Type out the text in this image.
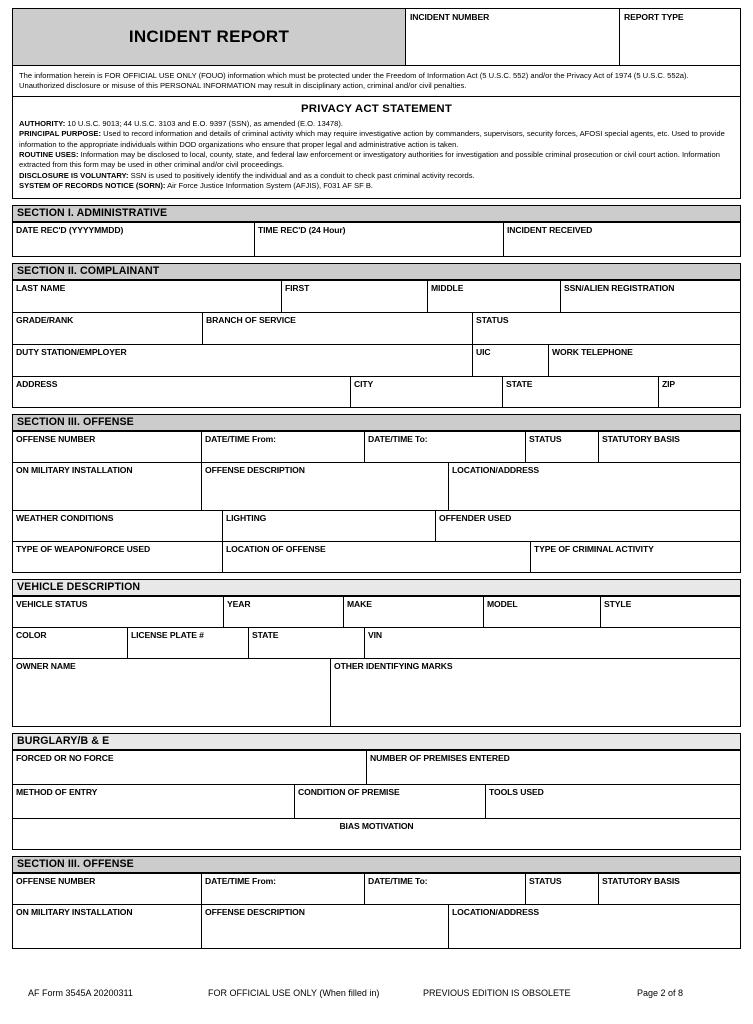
INCIDENT REPORT
INCIDENT NUMBER	REPORT TYPE

The information herein is FOR OFFICIAL USE ONLY (FOUO) information which must be protected under the Freedom of Information Act (5 U.S.C. 552) and/or the Privacy Act of 1974 (5 U.S.C. 552a). Unauthorized disclosure or misuse of this PERSONAL INFORMATION may result in disciplinary action, criminal and/or civil penalties.

PRIVACY ACT STATEMENT

AUTHORITY: 10 U.S.C. 9013; 44 U.S.C. 3103 and E.O. 9397 (SSN), as amended (E.O. 13478).

PRINCIPAL PURPOSE: Used to record information and details of criminal activity which may require investigative action by commanders, supervisors, security forces, AFOSI special agents, etc. Used to provide information to the appropriate individuals within DOD organizations who ensure that proper legal and administrative action is taken.

ROUTINE USES: Information may be disclosed to local, county, state, and federal law enforcement or investigatory authorities for investigation and possible criminal prosecution or civil court action. Information extracted from this form may be used in other criminal and/or civil proceedings.

DISCLOSURE IS VOLUNTARY: SSN is used to positively identify the individual and as a conduit to check past criminal activity records.

SYSTEM OF RECORDS NOTICE (SORN): Air Force Justice Information System (AFJIS), F031 AF SF B.

SECTION I. ADMINISTRATIVE
DATE REC'D (YYYYMMDD)	TIME REC'D (24 Hour)	INCIDENT RECEIVED
SECTION II. COMPLAINANT
LAST NAME	FIRST	MIDDLE	SSN/ALIEN REGISTRATION
GRADE/RANK	BRANCH OF SERVICE	STATUS
DUTY STATION/EMPLOYER	UIC	WORK TELEPHONE
ADDRESS	CITY	STATE	ZIP
SECTION III. OFFENSE
OFFENSE NUMBER	DATE/TIME From:	DATE/TIME To:	STATUS	STATUTORY BASIS
ON MILITARY INSTALLATION	OFFENSE DESCRIPTION	LOCATION/ADDRESS
WEATHER CONDITIONS	LIGHTING	OFFENDER USED
TYPE OF WEAPON/FORCE USED	LOCATION OF OFFENSE	TYPE OF CRIMINAL ACTIVITY
VEHICLE DESCRIPTION
VEHICLE STATUS	YEAR	MAKE	MODEL	STYLE
COLOR	LICENSE PLATE #	STATE	VIN
OWNER NAME	OTHER IDENTIFYING MARKS
BURGLARY/B & E
FORCED OR NO FORCE	NUMBER OF PREMISES ENTERED
METHOD OF ENTRY	CONDITION OF PREMISE	TOOLS USED
BIAS MOTIVATION
SECTION III. OFFENSE
OFFENSE NUMBER	DATE/TIME From:	DATE/TIME To:	STATUS	STATUTORY BASIS
ON MILITARY INSTALLATION	OFFENSE DESCRIPTION	LOCATION/ADDRESS
AF Form 3545A 20200311	FOR OFFICIAL USE ONLY (When filled in)	PREVIOUS EDITION IS OBSOLETE	Page 2 of 8
